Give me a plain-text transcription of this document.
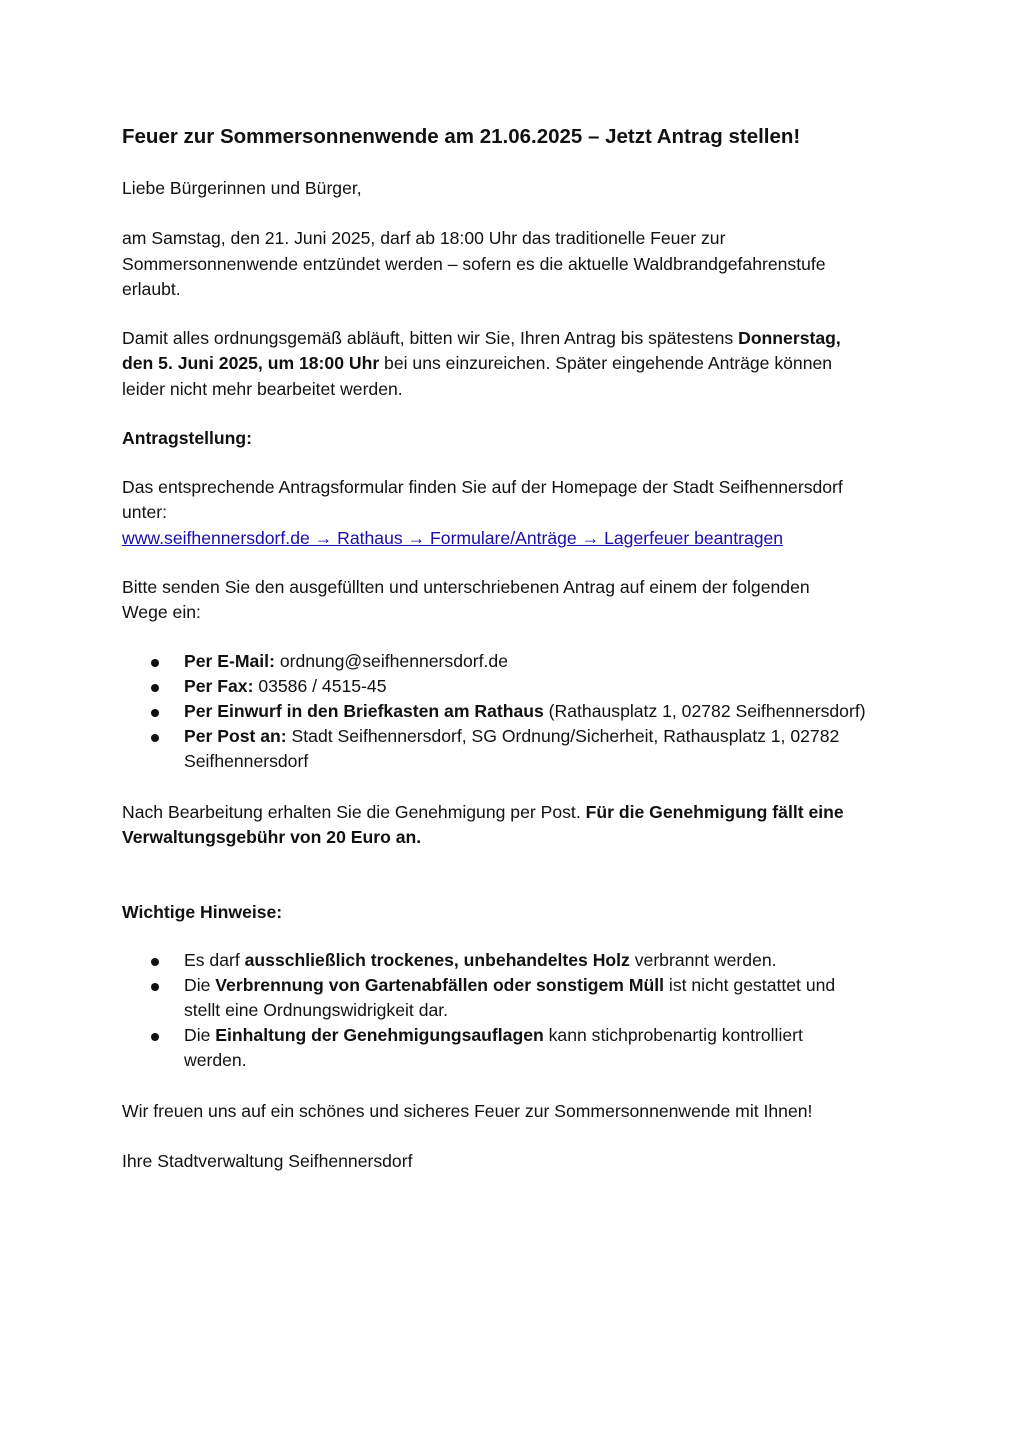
Feuer zur Sommersonnenwende am 21.06.2025 – Jetzt Antrag stellen!
Liebe Bürgerinnen und Bürger,
am Samstag, den 21. Juni 2025, darf ab 18:00 Uhr das traditionelle Feuer zur
Sommersonnenwende entzündet werden – sofern es die aktuelle Waldbrandgefahrenstufe
erlaubt.
Damit alles ordnungsgemäß abläuft, bitten wir Sie, Ihren Antrag bis spätestens Donnerstag,
den 5. Juni 2025, um 18:00 Uhr bei uns einzureichen. Später eingehende Anträge können
leider nicht mehr bearbeitet werden.
Antragstellung:
Das entsprechende Antragsformular finden Sie auf der Homepage der Stadt Seifhennersdorf
unter:
www.seifhennersdorf.de → Rathaus → Formulare/Anträge → Lagerfeuer beantragen
Bitte senden Sie den ausgefüllten und unterschriebenen Antrag auf einem der folgenden
Wege ein:
Per E-Mail: ordnung@seifhennersdorf.de
Per Fax: 03586 / 4515-45
Per Einwurf in den Briefkasten am Rathaus (Rathausplatz 1, 02782 Seifhennersdorf)
Per Post an: Stadt Seifhennersdorf, SG Ordnung/Sicherheit, Rathausplatz 1, 02782
Seifhennersdorf
Nach Bearbeitung erhalten Sie die Genehmigung per Post. Für die Genehmigung fällt eine
Verwaltungsgebühr von 20 Euro an.
Wichtige Hinweise:
Es darf ausschließlich trockenes, unbehandeltes Holz verbrannt werden.
Die Verbrennung von Gartenabfällen oder sonstigem Müll ist nicht gestattet und
stellt eine Ordnungswidrigkeit dar.
Die Einhaltung der Genehmigungsauflagen kann stichprobenartig kontrolliert
werden.
Wir freuen uns auf ein schönes und sicheres Feuer zur Sommersonnenwende mit Ihnen!
Ihre Stadtverwaltung Seifhennersdorf
